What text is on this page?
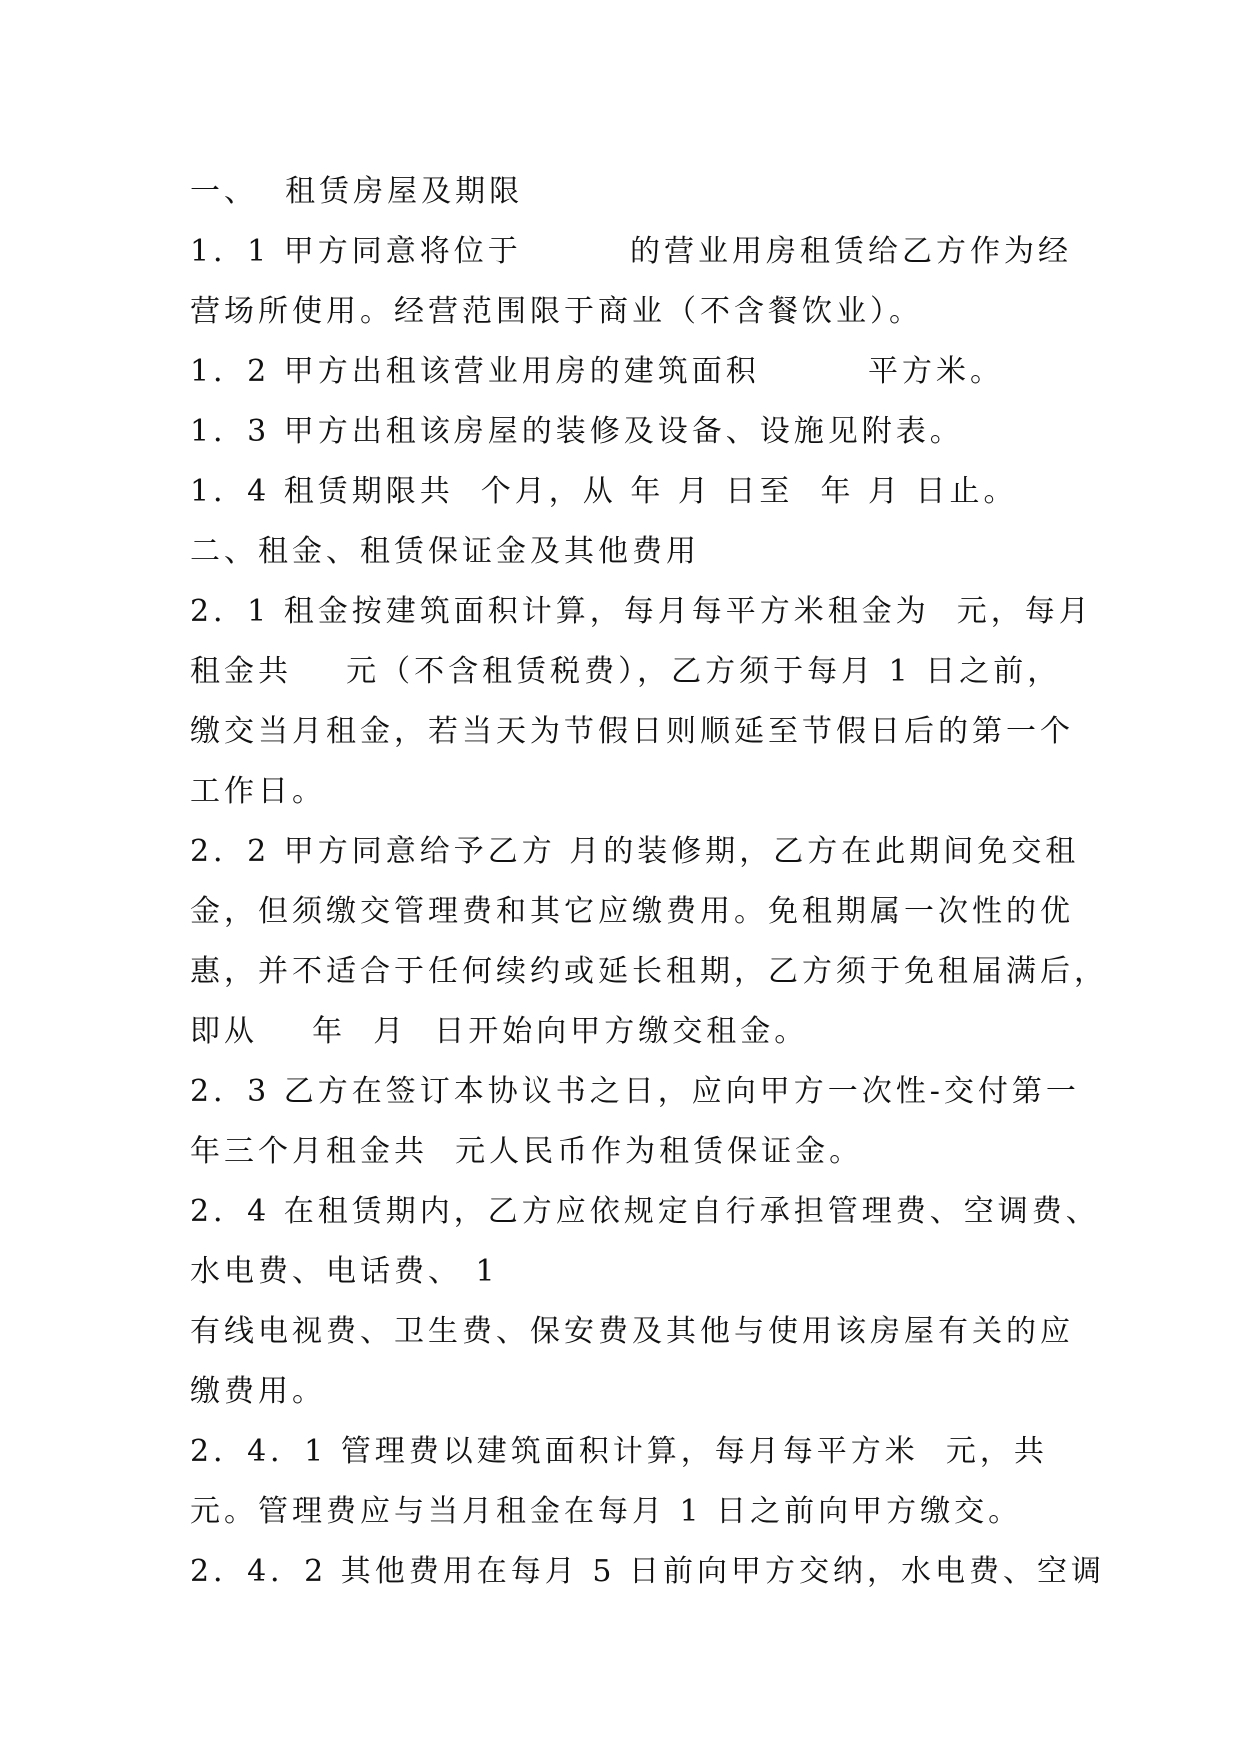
一、  租赁房屋及期限

1．1 甲方同意将位于        的营业用房租赁给乙方作为经

营场所使用。经营范围限于商业（不含餐饮业）。

1．2 甲方出租该营业用房的建筑面积        平方米。

1．3 甲方出租该房屋的装修及设备、设施见附表。

1．4 租赁期限共  个月，从 年 月 日至  年 月 日止。

二、租金、租赁保证金及其他费用

2．1 租金按建筑面积计算，每月每平方米租金为  元，每月

租金共    元（不含租赁税费），乙方须于每月 1 日之前，

缴交当月租金，若当天为节假日则顺延至节假日后的第一个

工作日。

2．2 甲方同意给予乙方 月的装修期，乙方在此期间免交租

金，但须缴交管理费和其它应缴费用。免租期属一次性的优

惠，并不适合于任何续约或延长租期，乙方须于免租届满后，

即从    年  月  日开始向甲方缴交租金。

2．3 乙方在签订本协议书之日，应向甲方一次性-交付第一

年三个月租金共  元人民币作为租赁保证金。

2．4 在租赁期内，乙方应依规定自行承担管理费、空调费、

水电费、电话费、 1

有线电视费、卫生费、保安费及其他与使用该房屋有关的应

缴费用。

2．4．1 管理费以建筑面积计算，每月每平方米  元，共

元。管理费应与当月租金在每月 1 日之前向甲方缴交。

2．4．2 其他费用在每月 5 日前向甲方交纳，水电费、空调
